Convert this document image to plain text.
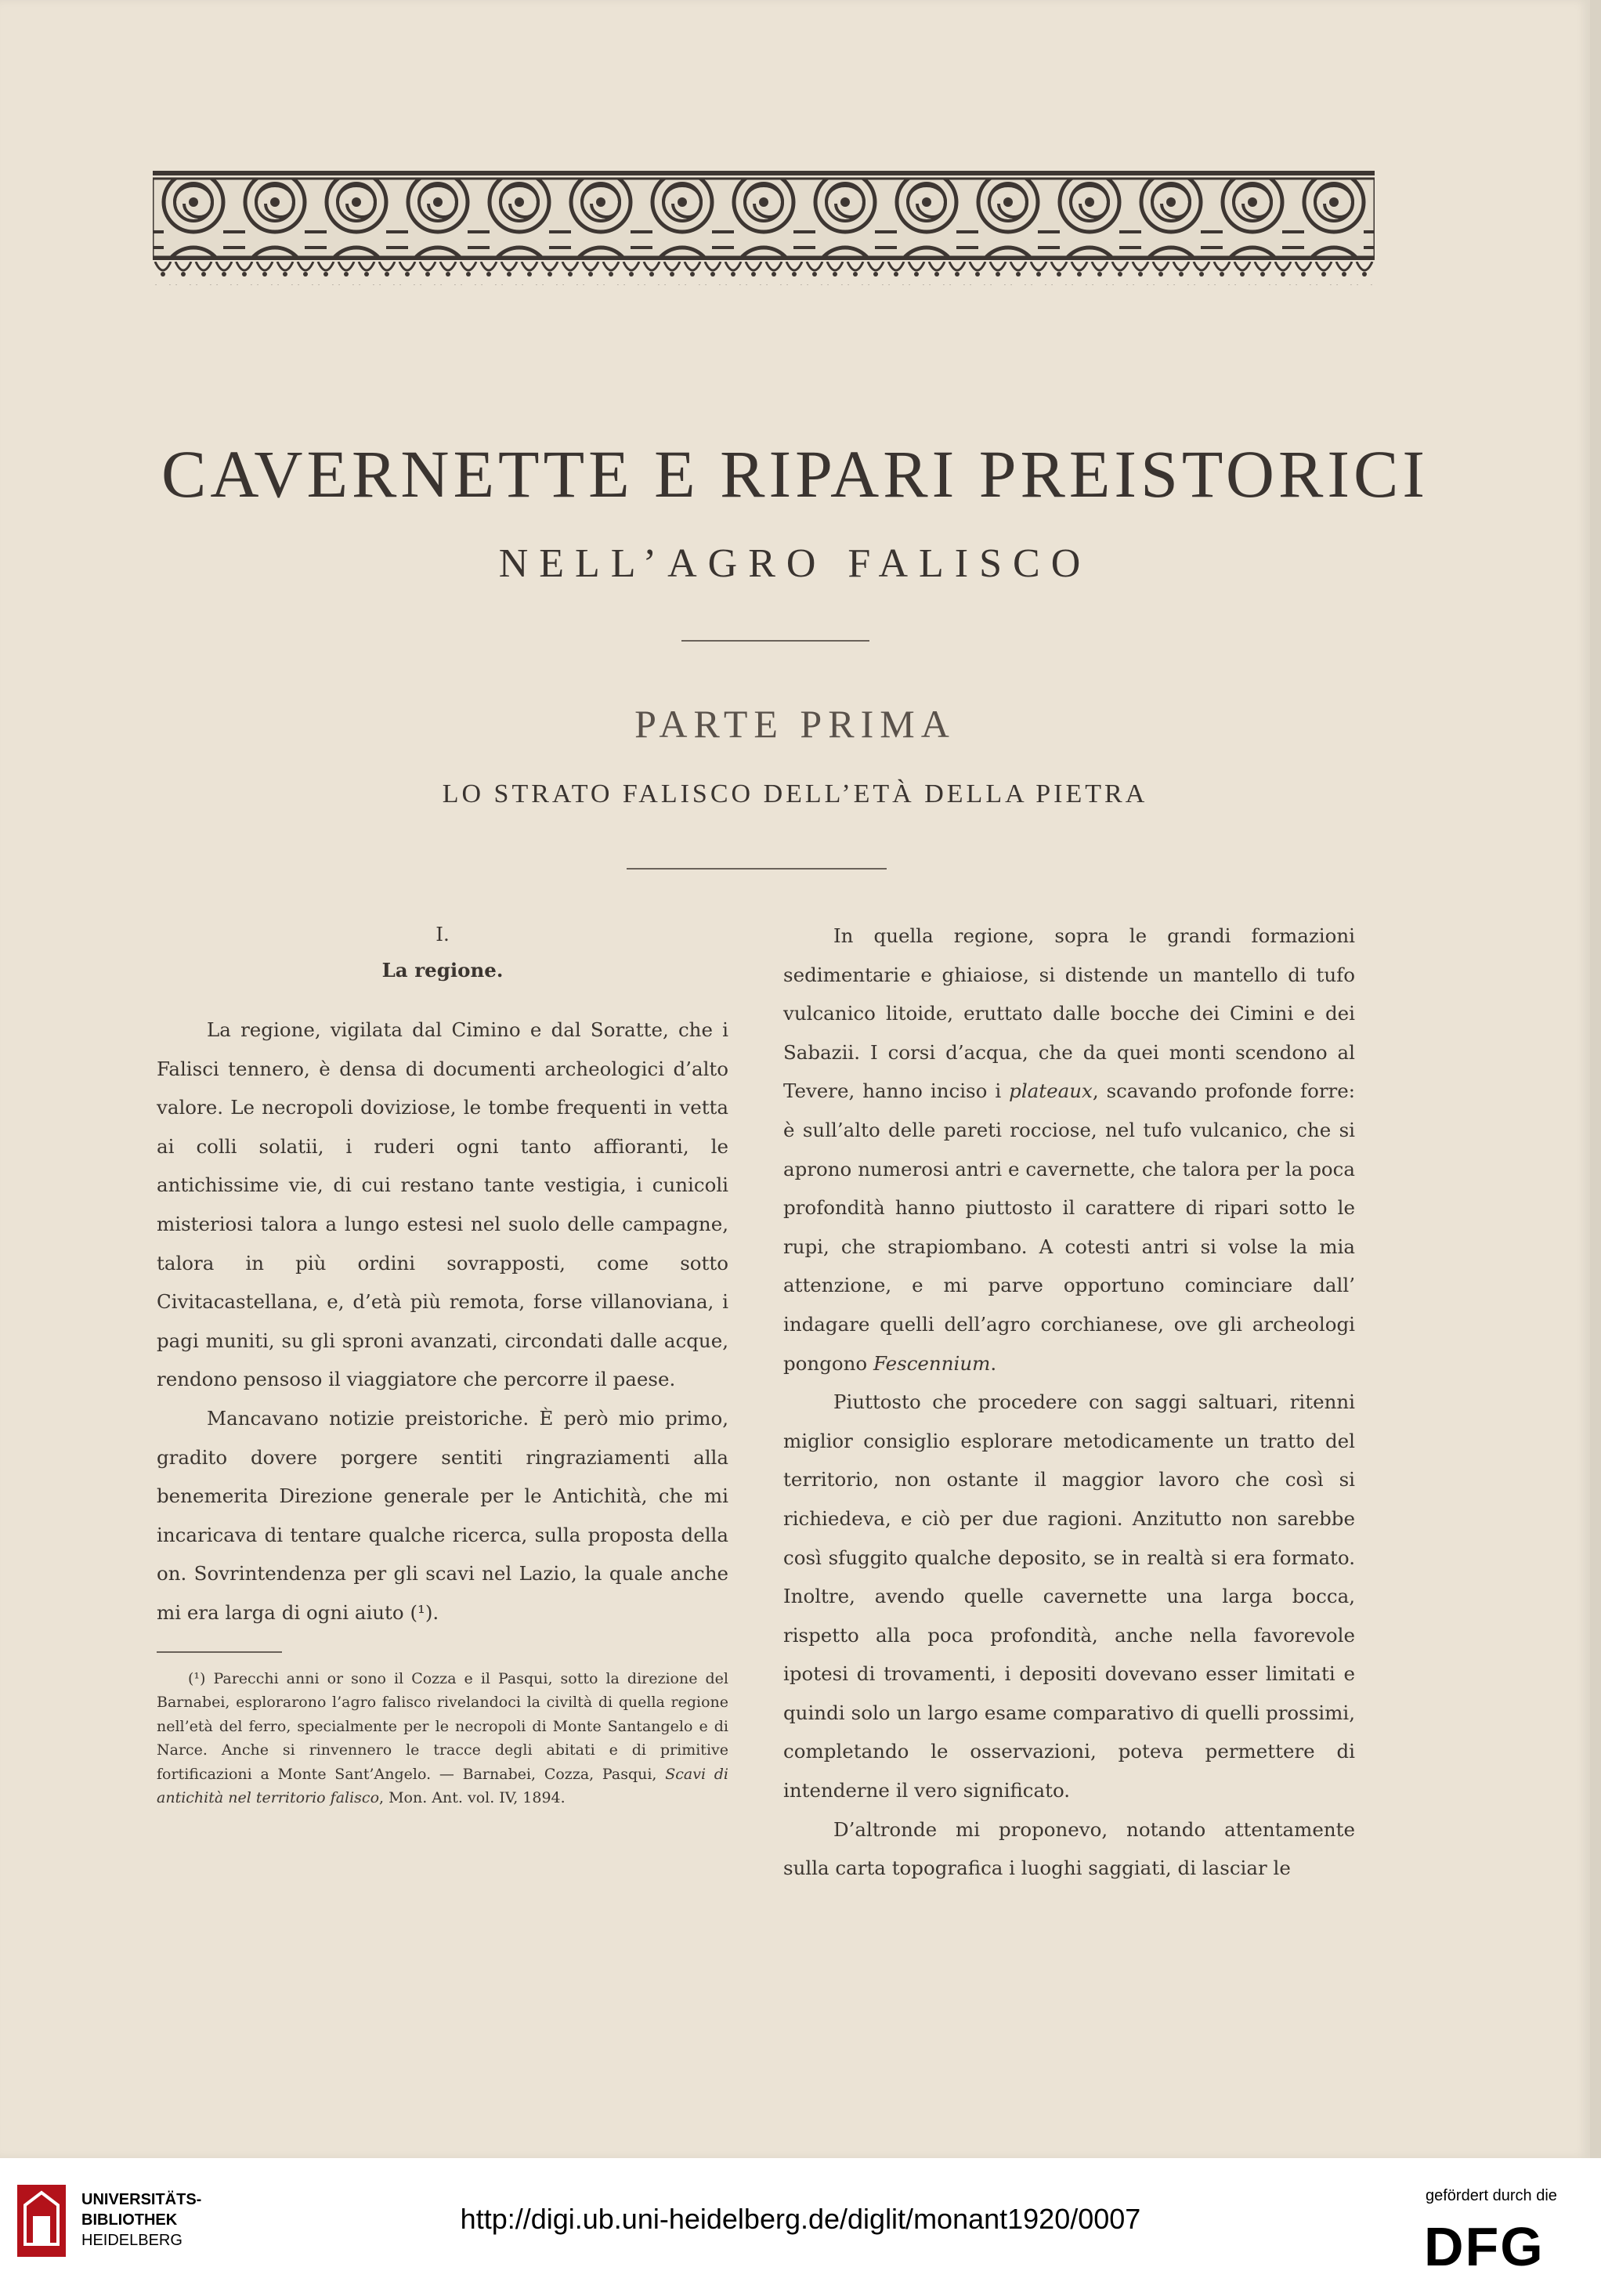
CAVERNETTE E RIPARI PREISTORICI
NELL’AGRO FALISCO
PARTE PRIMA
LO STRATO FALISCO DELL’ETÀ DELLA PIETRA

I.

La regione.

La regione, vigilata dal Cimino e dal Soratte, che i Falisci tennero, è densa di documenti archeologici d’alto valore. Le necropoli doviziose, le tombe frequenti in vetta ai colli solatii, i ruderi ogni tanto affioranti, le antichissime vie, di cui restano tante vestigia, i cunicoli misteriosi talora a lungo estesi nel suolo delle campagne, talora in più ordini sovrapposti, come sotto Civitacastellana, e, d’età più remota, forse villanoviana, i pagi muniti, su gli sproni avanzati, circondati dalle acque, rendono pensoso il viaggiatore che percorre il paese.

Mancavano notizie preistoriche. È però mio primo, gradito dovere porgere sentiti ringraziamenti alla benemerita Direzione generale per le Antichità, che mi incaricava di tentare qualche ricerca, sulla proposta della on. Sovrintendenza per gli scavi nel Lazio, la quale anche mi era larga di ogni aiuto (¹).

(¹) Parecchi anni or sono il Cozza e il Pasqui, sotto la direzione del Barnabei, esplorarono l’agro falisco rivelandoci la civiltà di quella regione nell’età del ferro, specialmente per le necropoli di Monte Santangelo e di Narce. Anche si rinvennero le tracce degli abitati e di primitive fortificazioni a Monte Sant’Angelo. — Barnabei, Cozza, Pasqui, Scavi di antichità nel territorio falisco, Mon. Ant. vol. IV, 1894.

In quella regione, sopra le grandi formazioni sedimentarie e ghiaiose, si distende un mantello di tufo vulcanico litoide, eruttato dalle bocche dei Cimini e dei Sabazii. I corsi d’acqua, che da quei monti scendono al Tevere, hanno inciso i plateaux, scavando profonde forre: è sull’alto delle pareti rocciose, nel tufo vulcanico, che si aprono numerosi antri e cavernette, che talora per la poca profondità hanno piuttosto il carattere di ripari sotto le rupi, che strapiombano. A cotesti antri si volse la mia attenzione, e mi parve opportuno cominciare dall’ indagare quelli dell’agro corchianese, ove gli archeologi pongono Fescennium.

Piuttosto che procedere con saggi saltuari, ritenni miglior consiglio esplorare metodicamente un tratto del territorio, non ostante il maggior lavoro che così si richiedeva, e ciò per due ragioni. Anzitutto non sarebbe così sfuggito qualche deposito, se in realtà si era formato. Inoltre, avendo quelle cavernette una larga bocca, rispetto alla poca profondità, anche nella favorevole ipotesi di trovamenti, i depositi dovevano esser limitati e quindi solo un largo esame comparativo di quelli prossimi, completando le osservazioni, poteva permettere di intenderne il vero significato.

D’altronde mi proponevo, notando attentamente sulla carta topografica i luoghi saggiati, di lasciar le

UNIVERSITÄTS-
BIBLIOTHEK
HEIDELBERG
http://digi.ub.uni-heidelberg.de/diglit/monant1920/0007
gefördert durch die
DFG
